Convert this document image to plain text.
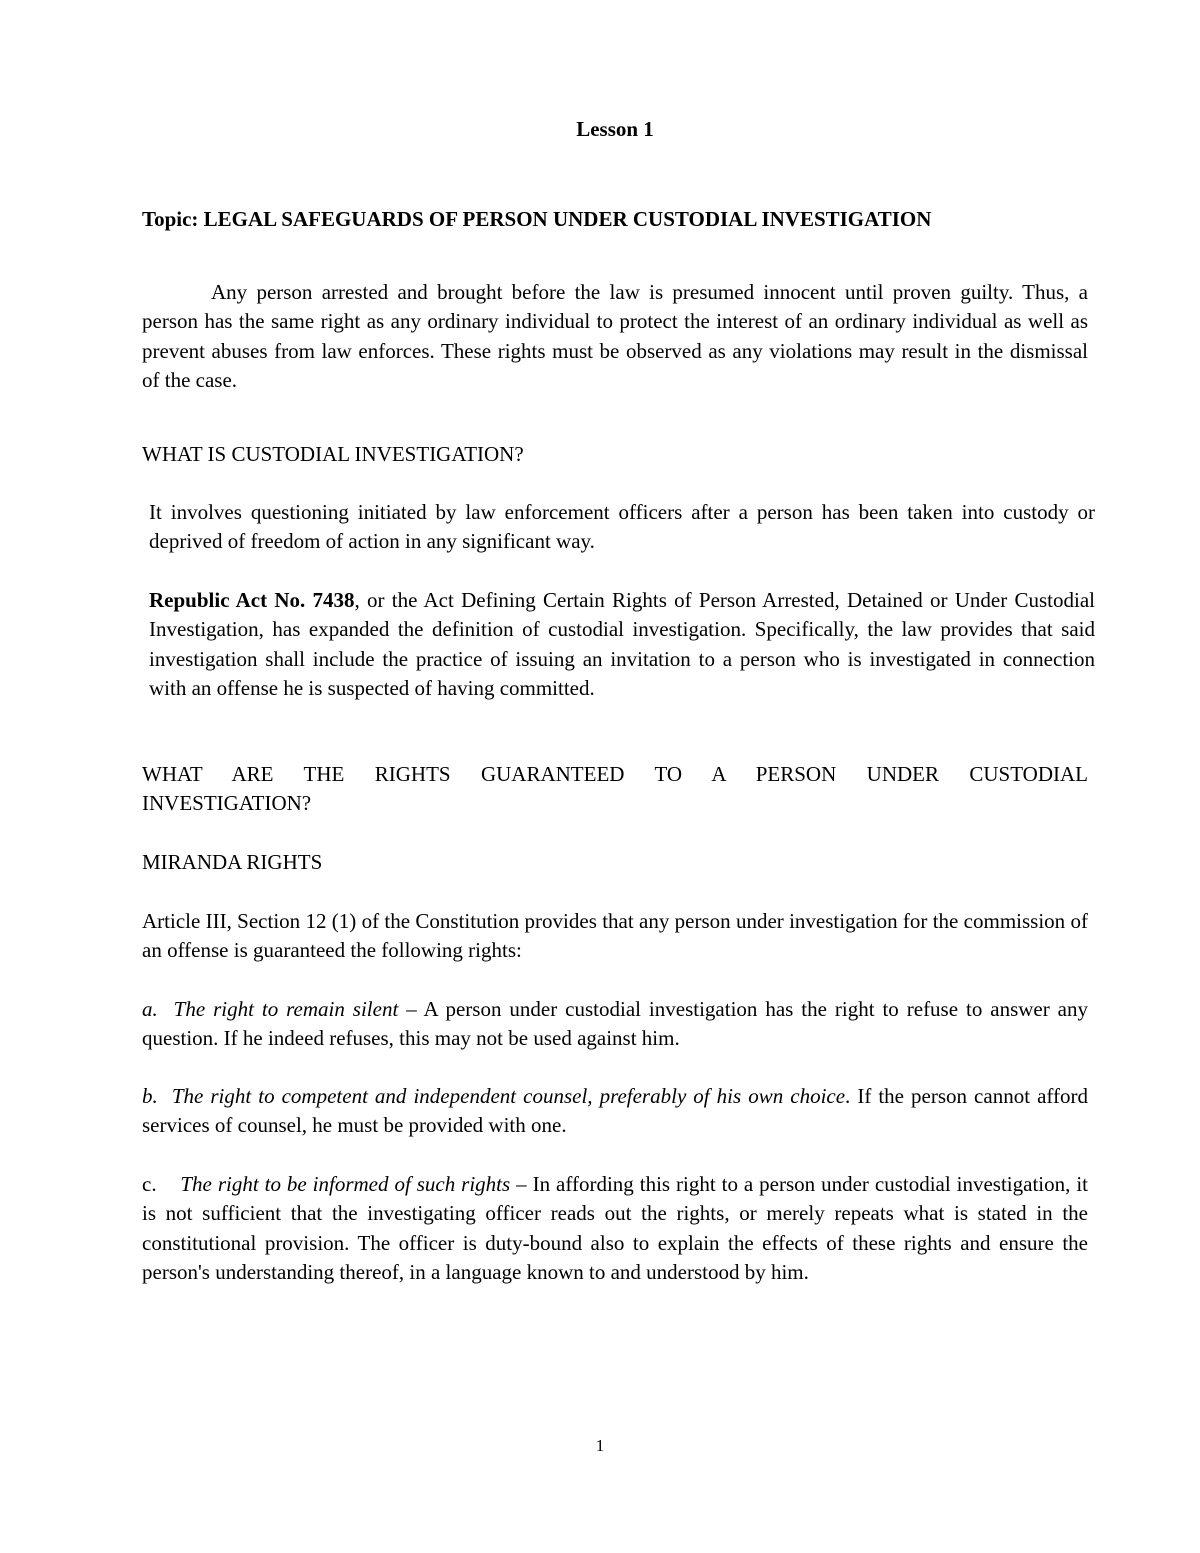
Lesson 1

Topic: LEGAL SAFEGUARDS OF PERSON UNDER CUSTODIAL INVESTIGATION

Any person arrested and brought before the law is presumed innocent until proven guilty. Thus, a person has the same right as any ordinary individual to protect the interest of an ordinary individual as well as prevent abuses from law enforces. These rights must be observed as any violations may result in the dismissal of the case.

WHAT IS CUSTODIAL INVESTIGATION?

It involves questioning initiated by law enforcement officers after a person has been taken into custody or deprived of freedom of action in any significant way.

Republic Act No. 7438, or the Act Defining Certain Rights of Person Arrested, Detained or Under Custodial Investigation, has expanded the definition of custodial investigation. Specifically, the law provides that said investigation shall include the practice of issuing an invitation to a person who is investigated in connection with an offense he is suspected of having committed.

WHAT ARE THE RIGHTS GUARANTEED TO A PERSON UNDER CUSTODIAL
INVESTIGATION?

MIRANDA RIGHTS

Article III, Section 12 (1) of the Constitution provides that any person under investigation for the commission of an offense is guaranteed the following rights:

a. The right to remain silent – A person under custodial investigation has the right to refuse to answer any question. If he indeed refuses, this may not be used against him.

b. The right to competent and independent counsel, preferably of his own choice. If the person cannot afford services of counsel, he must be provided with one.

c. The right to be informed of such rights – In affording this right to a person under custodial investigation, it is not sufficient that the investigating officer reads out the rights, or merely repeats what is stated in the constitutional provision. The officer is duty-bound also to explain the effects of these rights and ensure the person's understanding thereof, in a language known to and understood by him.

1
